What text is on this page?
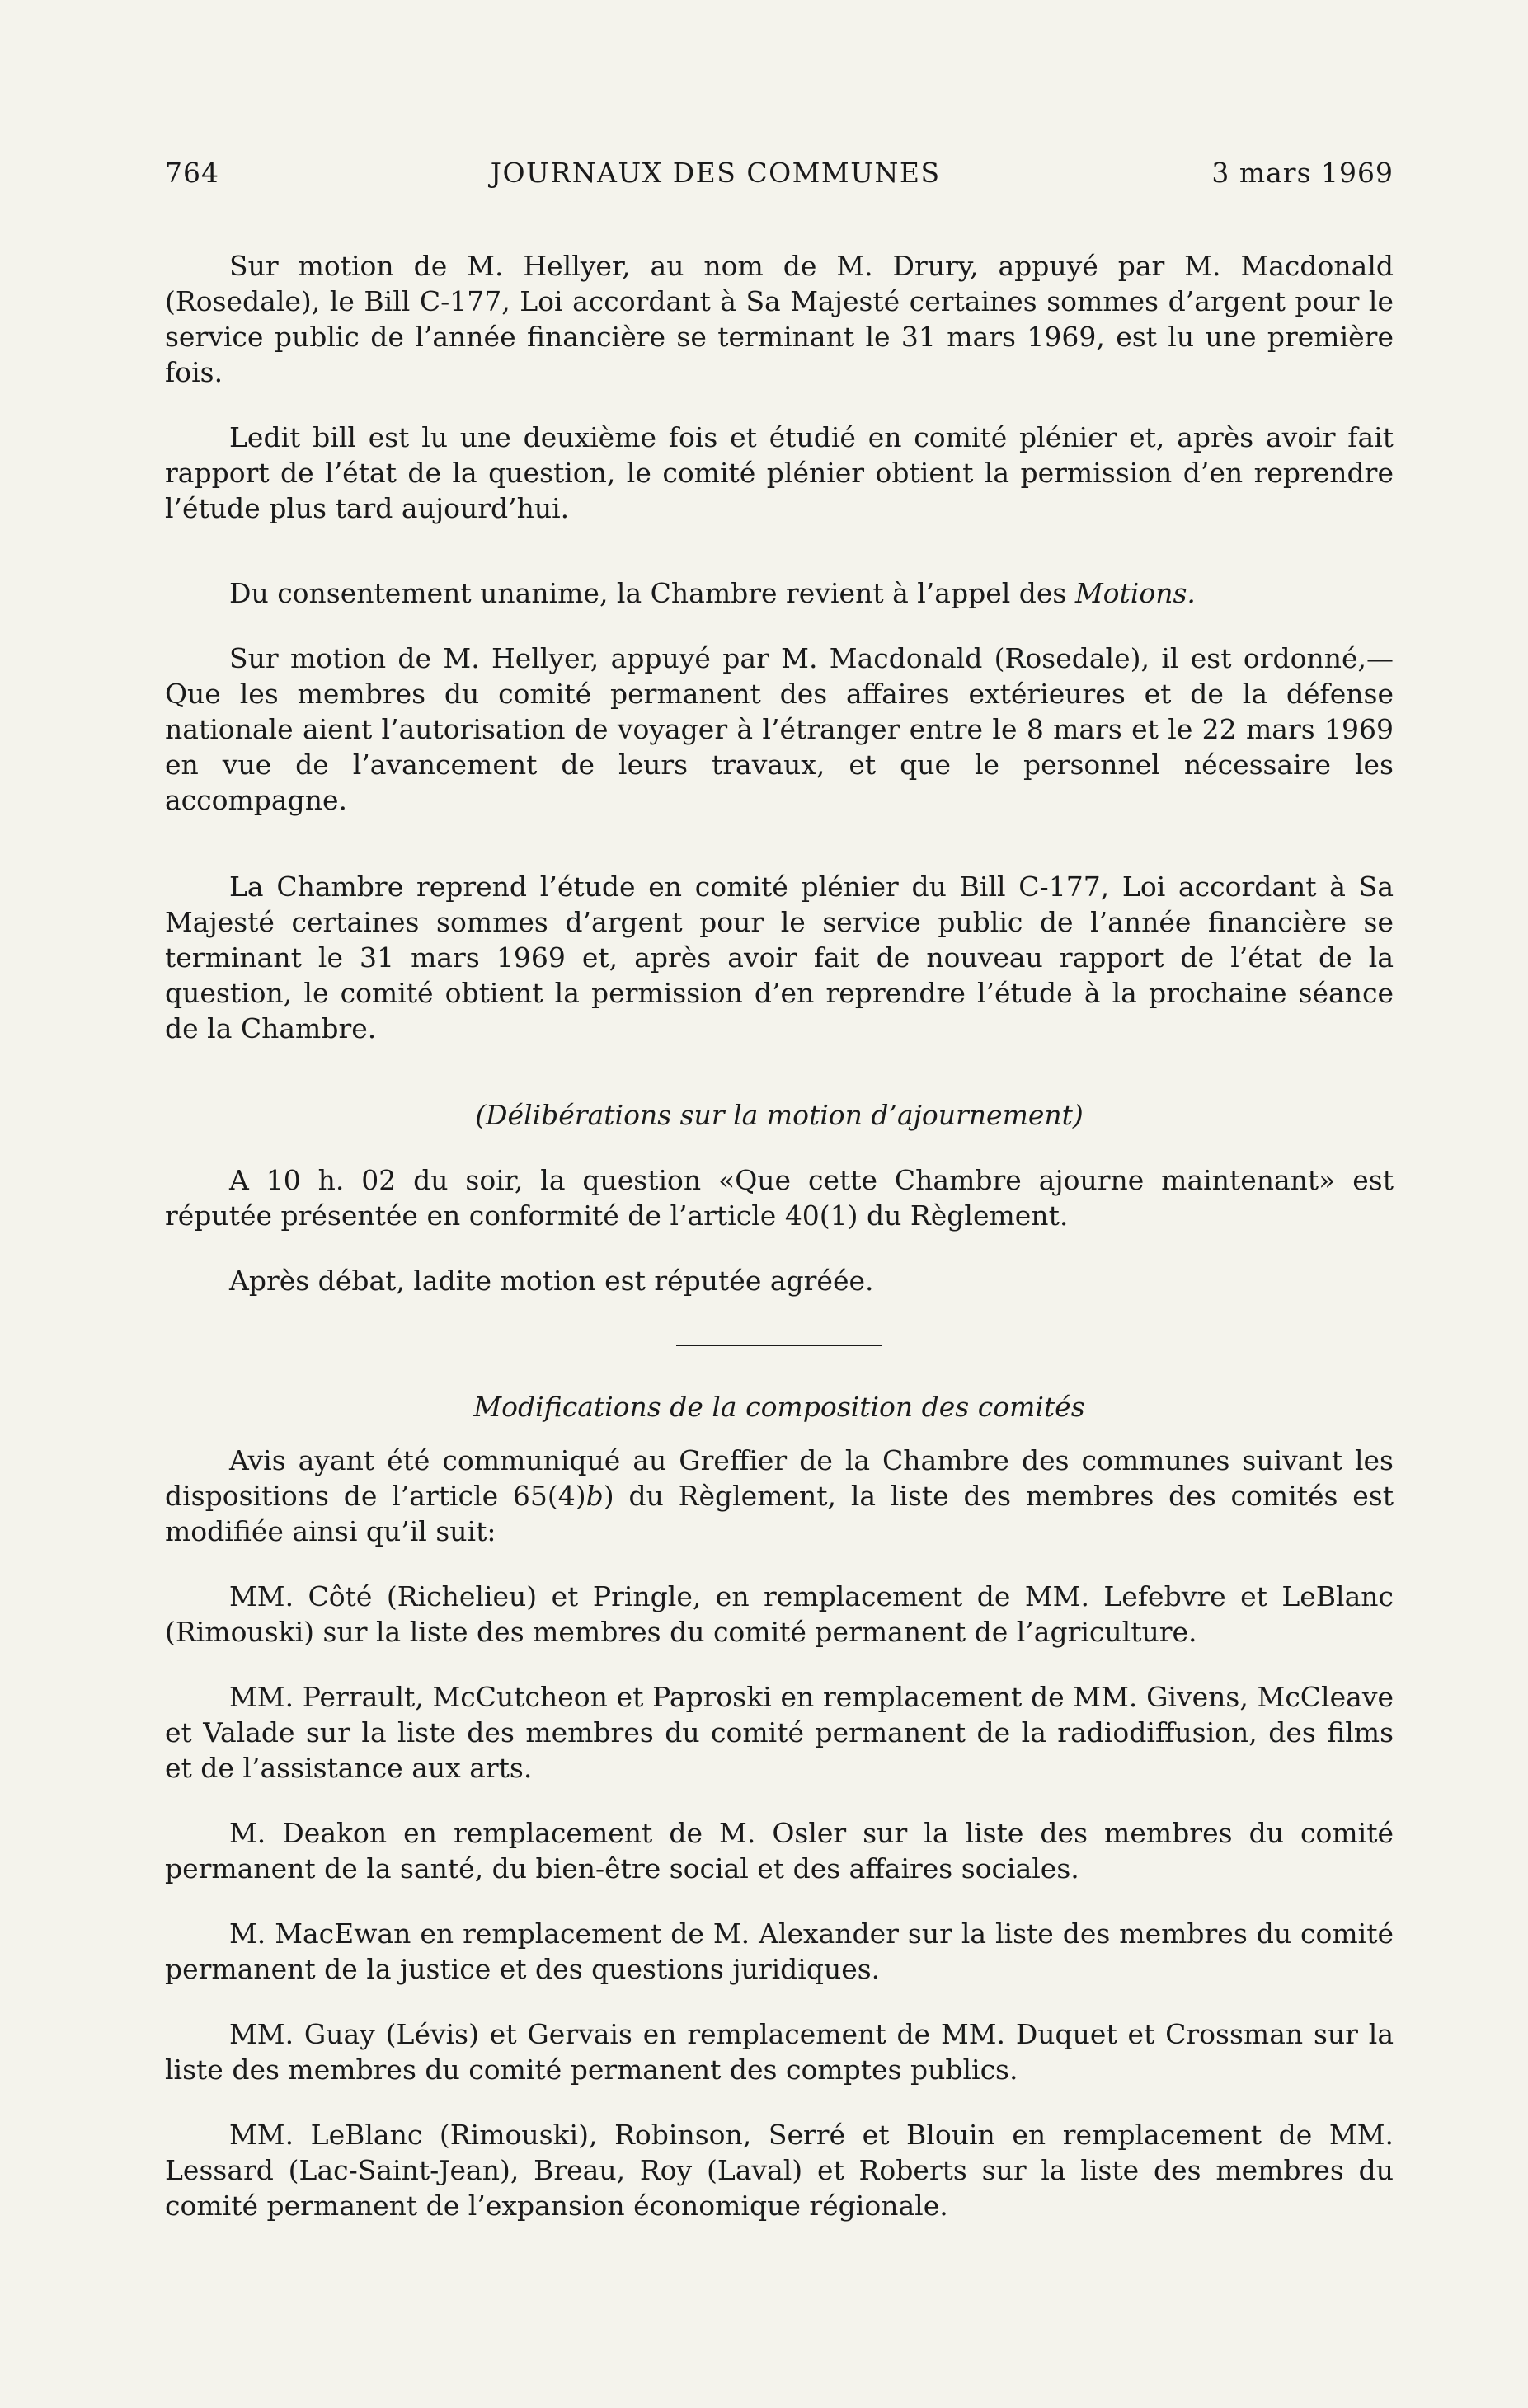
764	JOURNAUX DES COMMUNES	3 mars 1969

Sur motion de M. Hellyer, au nom de M. Drury, appuyé par M. Macdonald (Rosedale), le Bill C-177, Loi accordant à Sa Majesté certaines sommes d’argent pour le service public de l’année financière se terminant le 31 mars 1969, est lu une première fois.

Ledit bill est lu une deuxième fois et étudié en comité plénier et, après avoir fait rapport de l’état de la question, le comité plénier obtient la permission d’en reprendre l’étude plus tard aujourd’hui.

Du consentement unanime, la Chambre revient à l’appel des Motions.

Sur motion de M. Hellyer, appuyé par M. Macdonald (Rosedale), il est ordonné,—Que les membres du comité permanent des affaires extérieures et de la défense nationale aient l’autorisation de voyager à l’étranger entre le 8 mars et le 22 mars 1969 en vue de l’avancement de leurs travaux, et que le personnel nécessaire les accompagne.

La Chambre reprend l’étude en comité plénier du Bill C-177, Loi accordant à Sa Majesté certaines sommes d’argent pour le service public de l’année financière se terminant le 31 mars 1969 et, après avoir fait de nouveau rapport de l’état de la question, le comité obtient la permission d’en reprendre l’étude à la prochaine séance de la Chambre.

(Délibérations sur la motion d’ajournement)

A 10 h. 02 du soir, la question «Que cette Chambre ajourne maintenant» est réputée présentée en conformité de l’article 40(1) du Règlement.

Après débat, ladite motion est réputée agréée.

Modifications de la composition des comités

Avis ayant été communiqué au Greffier de la Chambre des communes suivant les dispositions de l’article 65(4)b) du Règlement, la liste des membres des comités est modifiée ainsi qu’il suit:

MM. Côté (Richelieu) et Pringle, en remplacement de MM. Lefebvre et LeBlanc (Rimouski) sur la liste des membres du comité permanent de l’agriculture.

MM. Perrault, McCutcheon et Paproski en remplacement de MM. Givens, McCleave et Valade sur la liste des membres du comité permanent de la radiodiffusion, des films et de l’assistance aux arts.

M. Deakon en remplacement de M. Osler sur la liste des membres du comité permanent de la santé, du bien-être social et des affaires sociales.

M. MacEwan en remplacement de M. Alexander sur la liste des membres du comité permanent de la justice et des questions juridiques.

MM. Guay (Lévis) et Gervais en remplacement de MM. Duquet et Crossman sur la liste des membres du comité permanent des comptes publics.

MM. LeBlanc (Rimouski), Robinson, Serré et Blouin en remplacement de MM. Lessard (Lac-Saint-Jean), Breau, Roy (Laval) et Roberts sur la liste des membres du comité permanent de l’expansion économique régionale.
